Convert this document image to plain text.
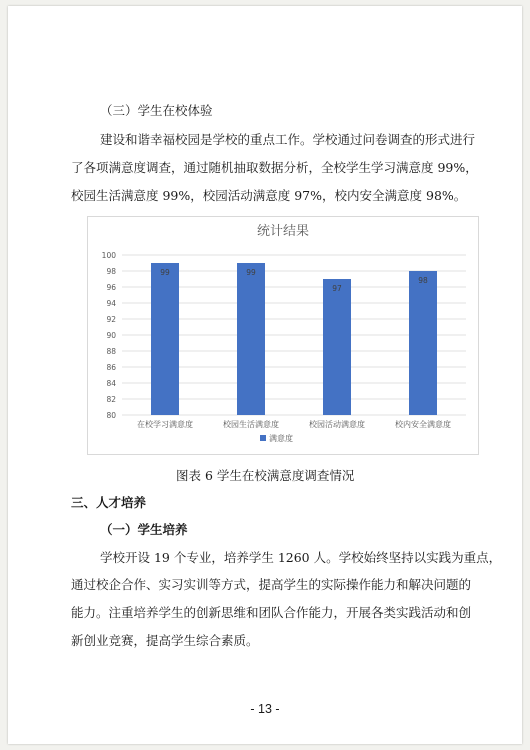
（三）学生在校体验

建设和谐幸福校园是学校的重点工作。学校通过问卷调查的形式进行

了各项满意度调查，通过随机抽取数据分析，全校学生学习满意度 99%，

校园生活满意度 99%，校园活动满意度 97%，校内安全满意度 98%。

统计结果
80
82
84
86
88
90
92
94
96
98
100
99
在校学习满意度
99
校园生活满意度
97
校园活动满意度
98
校内安全满意度
满意度

图表 6 学生在校满意度调查情况

三、人才培养

（一）学生培养

学校开设 19 个专业，培养学生 1260 人。学校始终坚持以实践为重点，

通过校企合作、实习实训等方式，提高学生的实际操作能力和解决问题的

能力。注重培养学生的创新思维和团队合作能力，开展各类实践活动和创

新创业竞赛，提高学生综合素质。

- 13 -
